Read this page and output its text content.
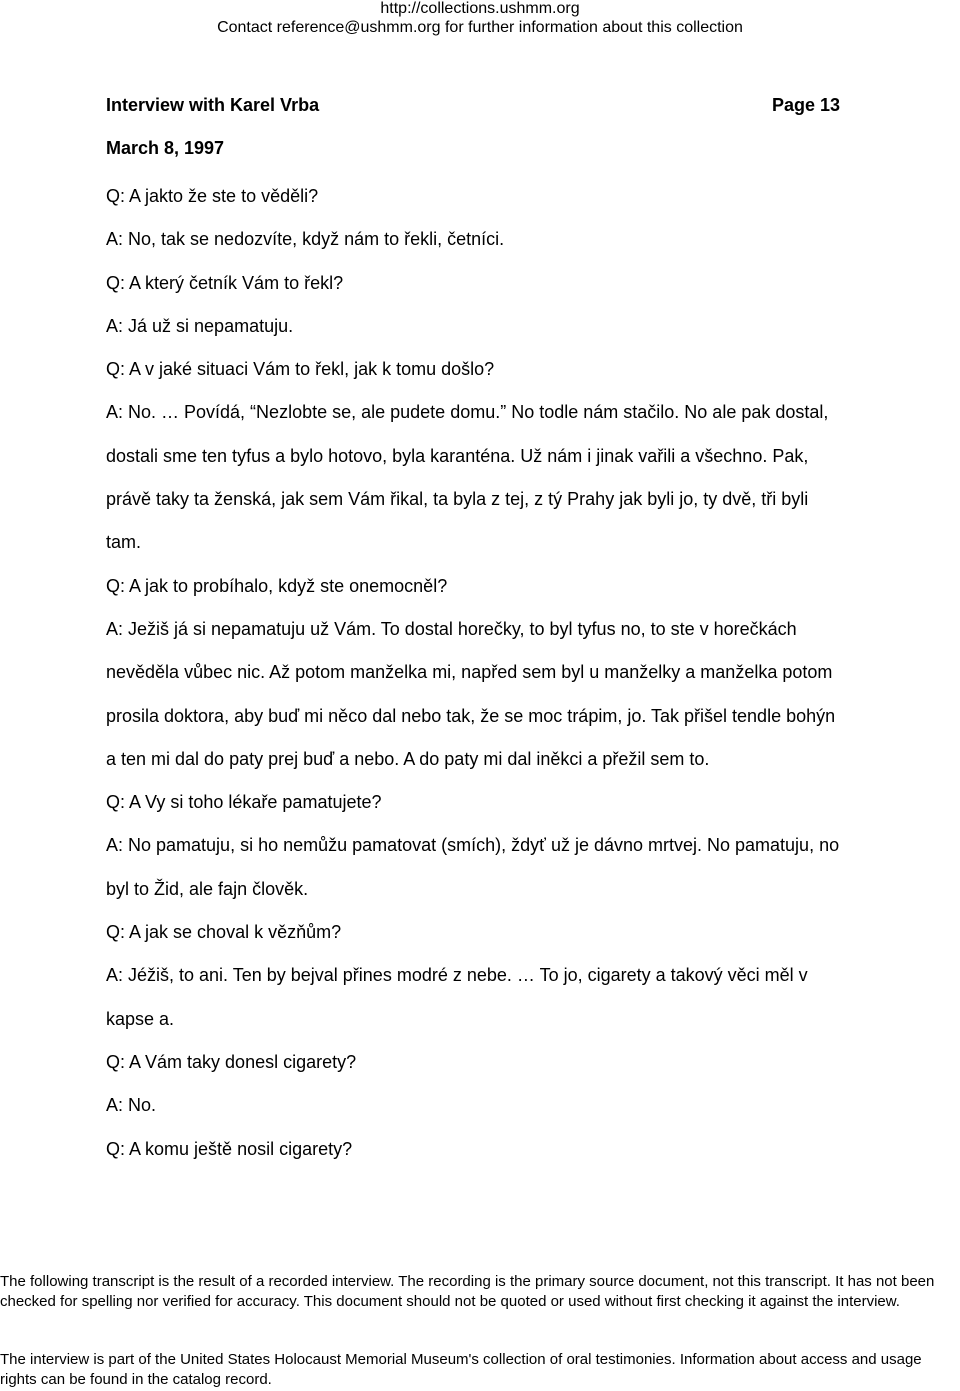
http://collections.ushmm.org
Contact reference@ushmm.org for further information about this collection
Interview with Karel Vrba	Page 13
March 8, 1997

Q: A jakto že ste to věděli?

A: No, tak se nedozvíte, když nám to řekli, četníci.

Q: A který četník Vám to řekl?

A: Já už si nepamatuju.

Q: A v jaké situaci Vám to řekl, jak k tomu došlo?

A: No. … Povídá, “Nezlobte se, ale pudete domu.” No todle nám stačilo. No ale pak dostal, dostali sme ten tyfus a bylo hotovo, byla karanténa. Už nám i jinak vařili a všechno. Pak, právě taky ta ženská, jak sem Vám řikal, ta byla z tej, z tý Prahy jak byli jo, ty dvě, tři byli tam.

Q: A jak to probíhalo, když ste onemocněl?

A: Ježiš já si nepamatuju už Vám. To dostal horečky, to byl tyfus no, to ste v horečkách nevěděla vůbec nic. Až potom manželka mi, napřed sem byl u manželky a manželka potom prosila doktora, aby buď mi něco dal nebo tak, že se moc trápim, jo. Tak přišel tendle bohýn a ten mi dal do paty prej buď a nebo. A do paty mi dal iněkci a přežil sem to.

Q: A Vy si toho lékaře pamatujete?

A: No pamatuju, si ho nemůžu pamatovat (smích), ždyť už je dávno mrtvej. No pamatuju, no byl to Žid, ale fajn člověk.

Q: A jak se choval k vězňům?

A: Jéžiš, to ani. Ten by bejval přines modré z nebe. … To jo, cigarety a takový věci měl v kapse a.

Q: A Vám taky donesl cigarety?

A: No.

Q: A komu ještě nosil cigarety?

The following transcript is the result of a recorded interview. The recording is the primary source document, not this transcript. It has not been checked for spelling nor verified for accuracy. This document should not be quoted or used without first checking it against the interview.
The interview is part of the United States Holocaust Memorial Museum's collection of oral testimonies. Information about access and usage rights can be found in the catalog record.
